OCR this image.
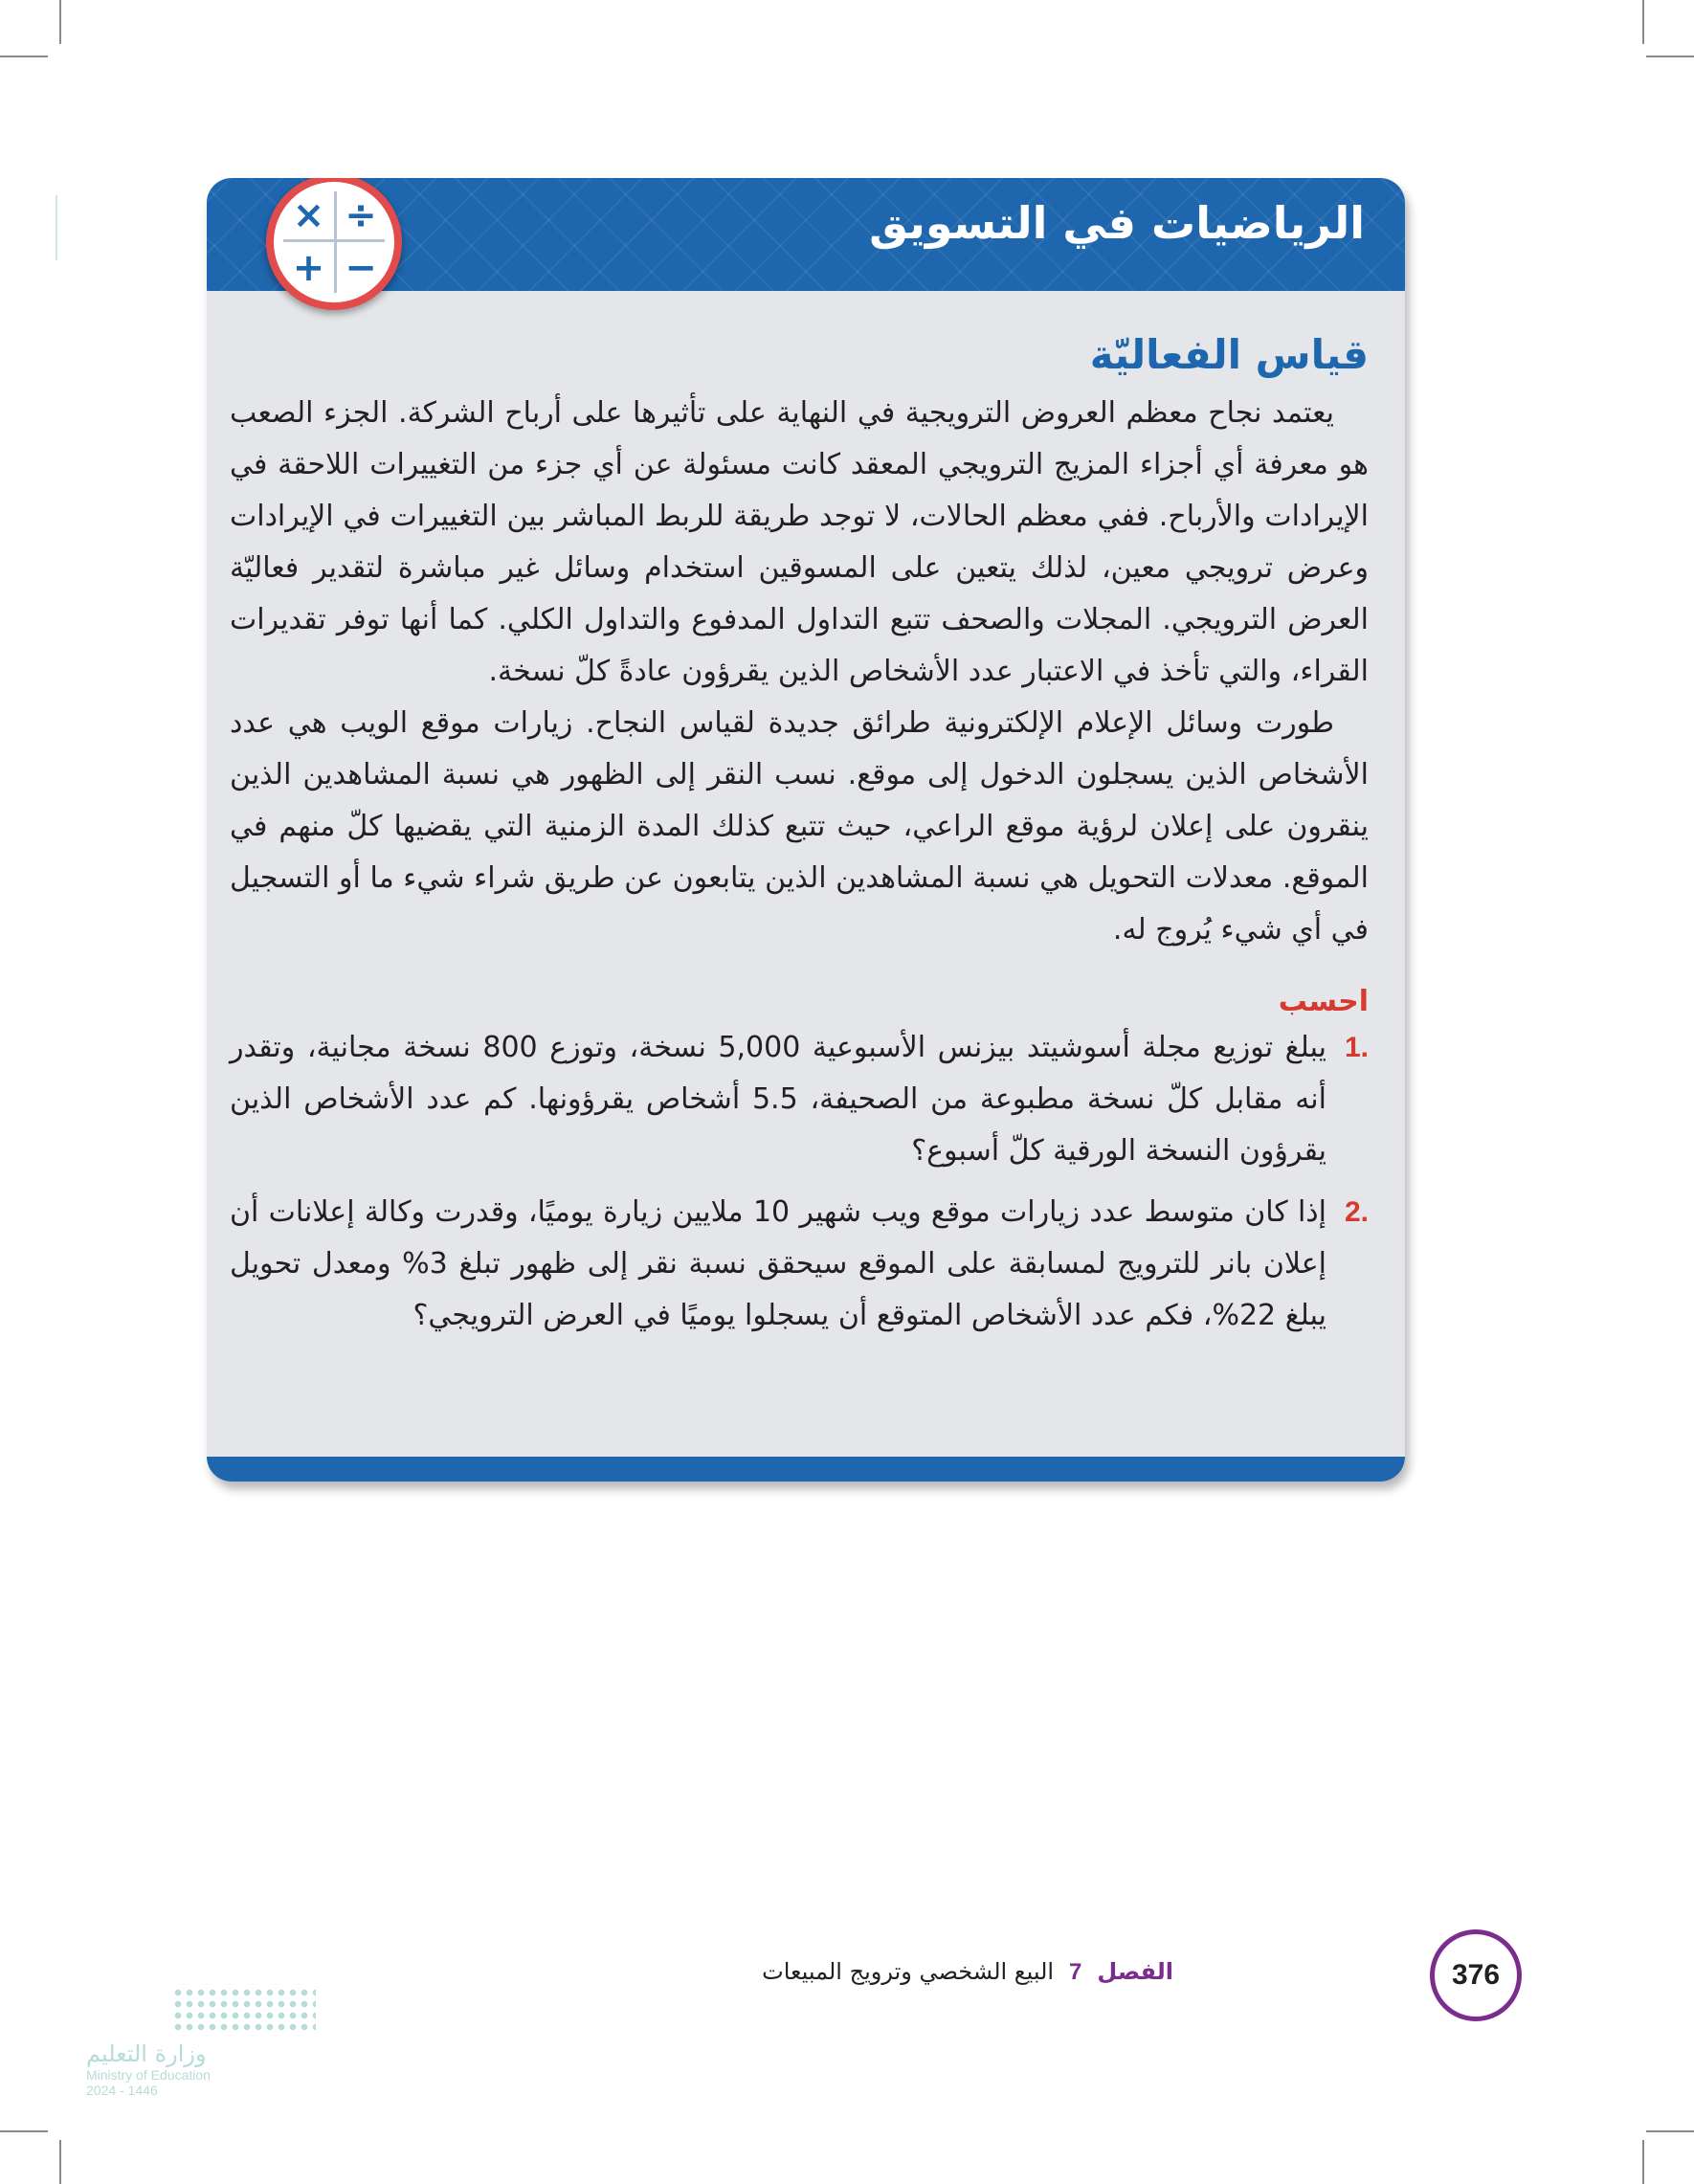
الرياضيات في التسويق
÷
×
−
+
قياس الفعاليّة

يعتمد نجاح معظم العروض الترويجية في النهاية على تأثيرها على أرباح الشركة. الجزء الصعب هو معرفة أي أجزاء المزيج الترويجي المعقد كانت مسئولة عن أي جزء من التغييرات اللاحقة في الإيرادات والأرباح. ففي معظم الحالات، لا توجد طريقة للربط المباشر بين التغييرات في الإيرادات وعرض ترويجي معين، لذلك يتعين على المسوقين استخدام وسائل غير مباشرة لتقدير فعاليّة العرض الترويجي. المجلات والصحف تتبع التداول المدفوع والتداول الكلي. كما أنها توفر تقديرات القراء، والتي تأخذ في الاعتبار عدد الأشخاص الذين يقرؤون عادةً كلّ نسخة.

طورت وسائل الإعلام الإلكترونية طرائق جديدة لقياس النجاح. زيارات موقع الويب هي عدد الأشخاص الذين يسجلون الدخول إلى موقع. نسب النقر إلى الظهور هي نسبة المشاهدين الذين ينقرون على إعلان لرؤية موقع الراعي، حيث تتبع كذلك المدة الزمنية التي يقضيها كلّ منهم في الموقع. معدلات التحويل هي نسبة المشاهدين الذين يتابعون عن طريق شراء شيء ما أو التسجيل في أي شيء يُروج له.

احسب
.1
يبلغ توزيع مجلة أسوشيتد بيزنس الأسبوعية 5,000 نسخة، وتوزع 800 نسخة مجانية، وتقدر أنه مقابل كلّ نسخة مطبوعة من الصحيفة، 5.5 أشخاص يقرؤونها. كم عدد الأشخاص الذين يقرؤون النسخة الورقية كلّ أسبوع؟
.2
إذا كان متوسط عدد زيارات موقع ويب شهير 10 ملايين زيارة يوميًا، وقدرت وكالة إعلانات أن إعلان بانر للترويج لمسابقة على الموقع سيحقق نسبة نقر إلى ظهور تبلغ 3% ومعدل تحويل يبلغ 22%، فكم عدد الأشخاص المتوقع أن يسجلوا يوميًا في العرض الترويجي؟
376
الفصل
7
البيع الشخصي وترويج المبيعات
وزارة التعليم
Ministry of Education
2024 - 1446
